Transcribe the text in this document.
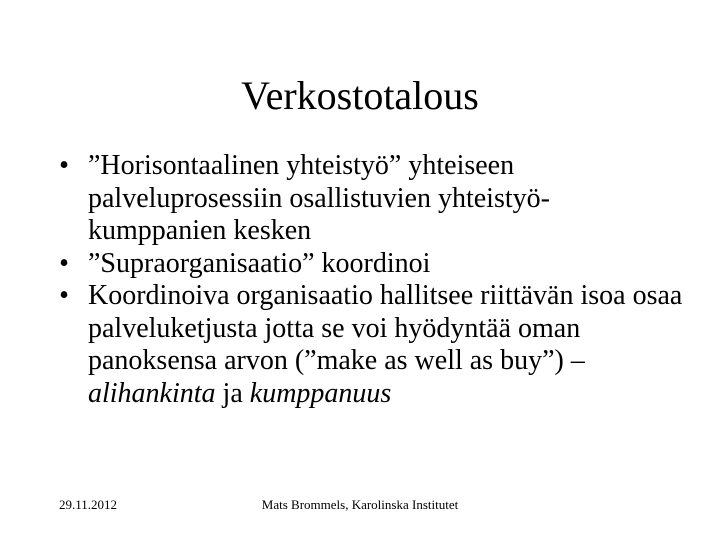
Verkostotalous
• ”Horisontaalinen yhteistyö” yhteiseen palveluprosessiin osallistuvien yhteistyö-kumppanien kesken
• ”Supraorganisaatio” koordinoi
• Koordinoiva organisaatio hallitsee riittävän isoa osaa palveluketjusta jotta se voi hyödyntää oman panoksensa arvon (”make as well as buy”) – alihankinta ja kumppanuus
29.11.2012	Mats Brommels, Karolinska Institutet
